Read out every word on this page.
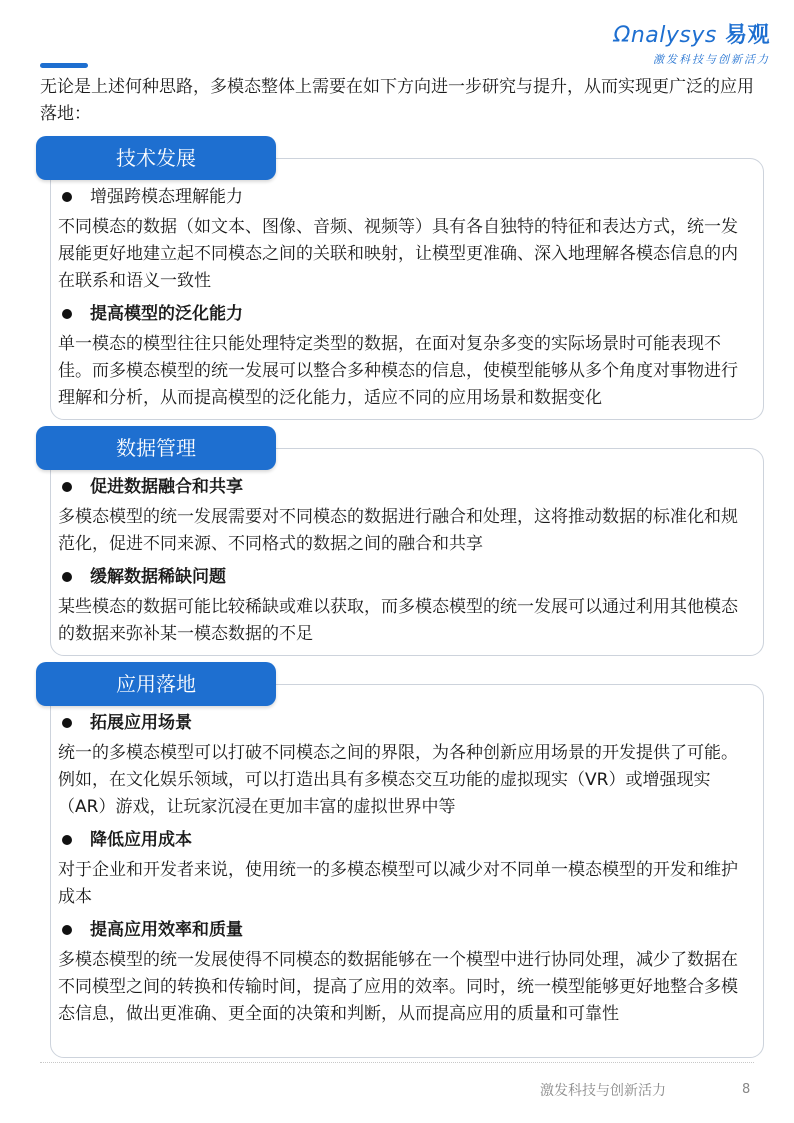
Ωnalysys 易观
激发科技与创新活力
无论是上述何种思路，多模态整体上需要在如下方向进一步研究与提升，从而实现更广泛的应用落地：
技术发展
增强跨模态理解能力
不同模态的数据（如文本、图像、音频、视频等）具有各自独特的特征和表达方式，统一发展能更好地建立起不同模态之间的关联和映射，让模型更准确、深入地理解各模态信息的内在联系和语义一致性
提高模型的泛化能力
单一模态的模型往往只能处理特定类型的数据，在面对复杂多变的实际场景时可能表现不佳。而多模态模型的统一发展可以整合多种模态的信息，使模型能够从多个角度对事物进行理解和分析，从而提高模型的泛化能力，适应不同的应用场景和数据变化
数据管理
促进数据融合和共享
多模态模型的统一发展需要对不同模态的数据进行融合和处理，这将推动数据的标准化和规范化，促进不同来源、不同格式的数据之间的融合和共享
缓解数据稀缺问题
某些模态的数据可能比较稀缺或难以获取，而多模态模型的统一发展可以通过利用其他模态的数据来弥补某一模态数据的不足
应用落地
拓展应用场景
统一的多模态模型可以打破不同模态之间的界限，为各种创新应用场景的开发提供了可能。例如，在文化娱乐领域，可以打造出具有多模态交互功能的虚拟现实（VR）或增强现实（AR）游戏，让玩家沉浸在更加丰富的虚拟世界中等
降低应用成本
对于企业和开发者来说，使用统一的多模态模型可以减少对不同单一模态模型的开发和维护成本
提高应用效率和质量
多模态模型的统一发展使得不同模态的数据能够在一个模型中进行协同处理，减少了数据在不同模型之间的转换和传输时间，提高了应用的效率。同时，统一模型能够更好地整合多模态信息，做出更准确、更全面的决策和判断，从而提高应用的质量和可靠性
激发科技与创新活力	8
